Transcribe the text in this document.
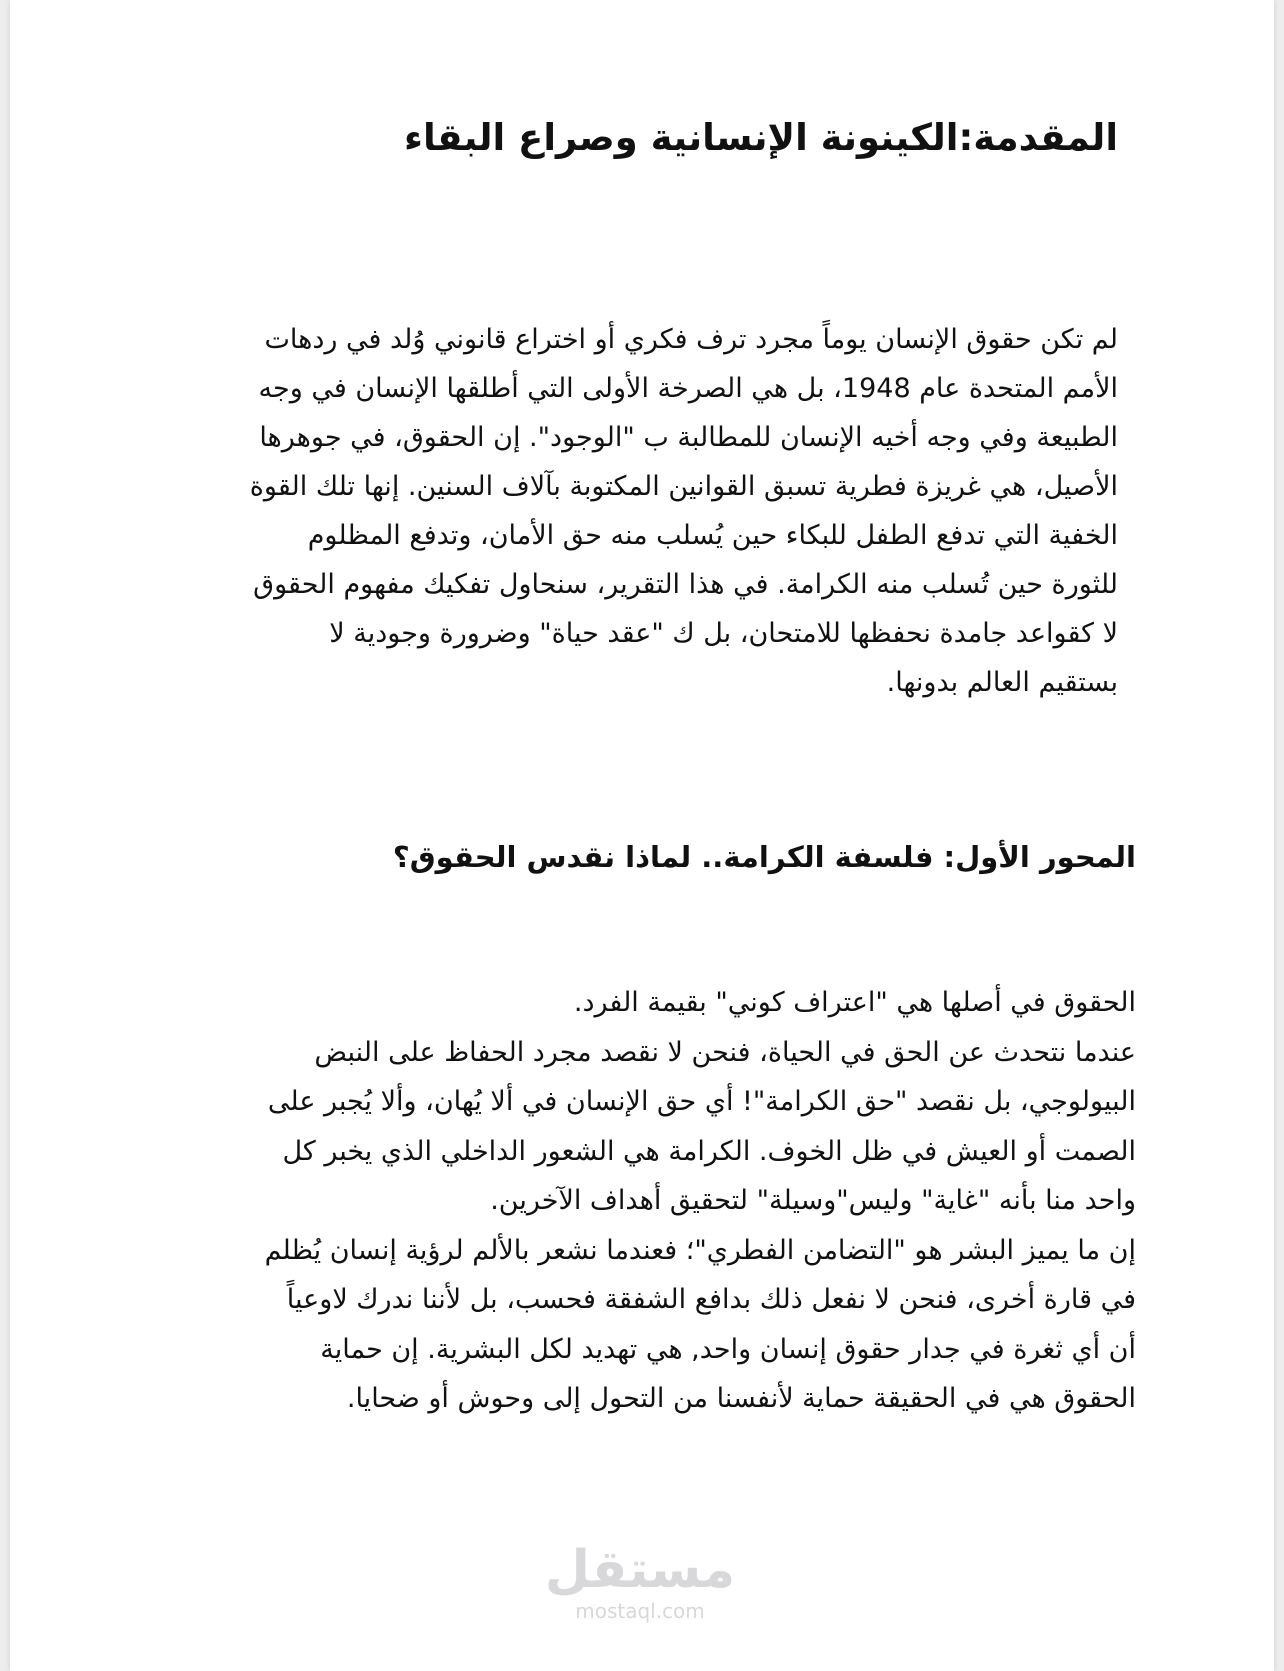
المقدمة:الكينونة الإنسانية وصراع البقاء

لم تكن حقوق الإنسان يوماً مجرد ترف فكري أو اختراع قانوني وُلد في ردهات
الأمم المتحدة عام 1948، بل هي الصرخة الأولى التي أطلقها الإنسان في وجه
الطبيعة وفي وجه أخيه الإنسان للمطالبة ب "الوجود". إن الحقوق، في جوهرها
الأصيل، هي غريزة فطرية تسبق القوانين المكتوبة بآلاف السنين. إنها تلك القوة
الخفية التي تدفع الطفل للبكاء حين يُسلب منه حق الأمان، وتدفع المظلوم
للثورة حين تُسلب منه الكرامة. في هذا التقرير، سنحاول تفكيك مفهوم الحقوق
لا كقواعد جامدة نحفظها للامتحان، بل ك "عقد حياة" وضرورة وجودية لا
بستقيم العالم بدونها.

المحور الأول: فلسفة الكرامة.. لماذا نقدس الحقوق؟

الحقوق في أصلها هي "اعتراف كوني" بقيمة الفرد.
عندما نتحدث عن الحق في الحياة، فنحن لا نقصد مجرد الحفاظ على النبض
البيولوجي، بل نقصد "حق الكرامة"! أي حق الإنسان في ألا يُهان، وألا يُجبر على
الصمت أو العيش في ظل الخوف. الكرامة هي الشعور الداخلي الذي يخبر كل
واحد منا بأنه "غاية" وليس"وسيلة" لتحقيق أهداف الآخرين.
إن ما يميز البشر هو "التضامن الفطري"؛ فعندما نشعر بالألم لرؤية إنسان يُظلم
في قارة أخرى، فنحن لا نفعل ذلك بدافع الشفقة فحسب، بل لأننا ندرك لاوعياً
أن أي ثغرة في جدار حقوق إنسان واحد, هي تهديد لكل البشرية. إن حماية
الحقوق هي في الحقيقة حماية لأنفسنا من التحول إلى وحوش أو ضحايا.

مستقل
mostaql.com
